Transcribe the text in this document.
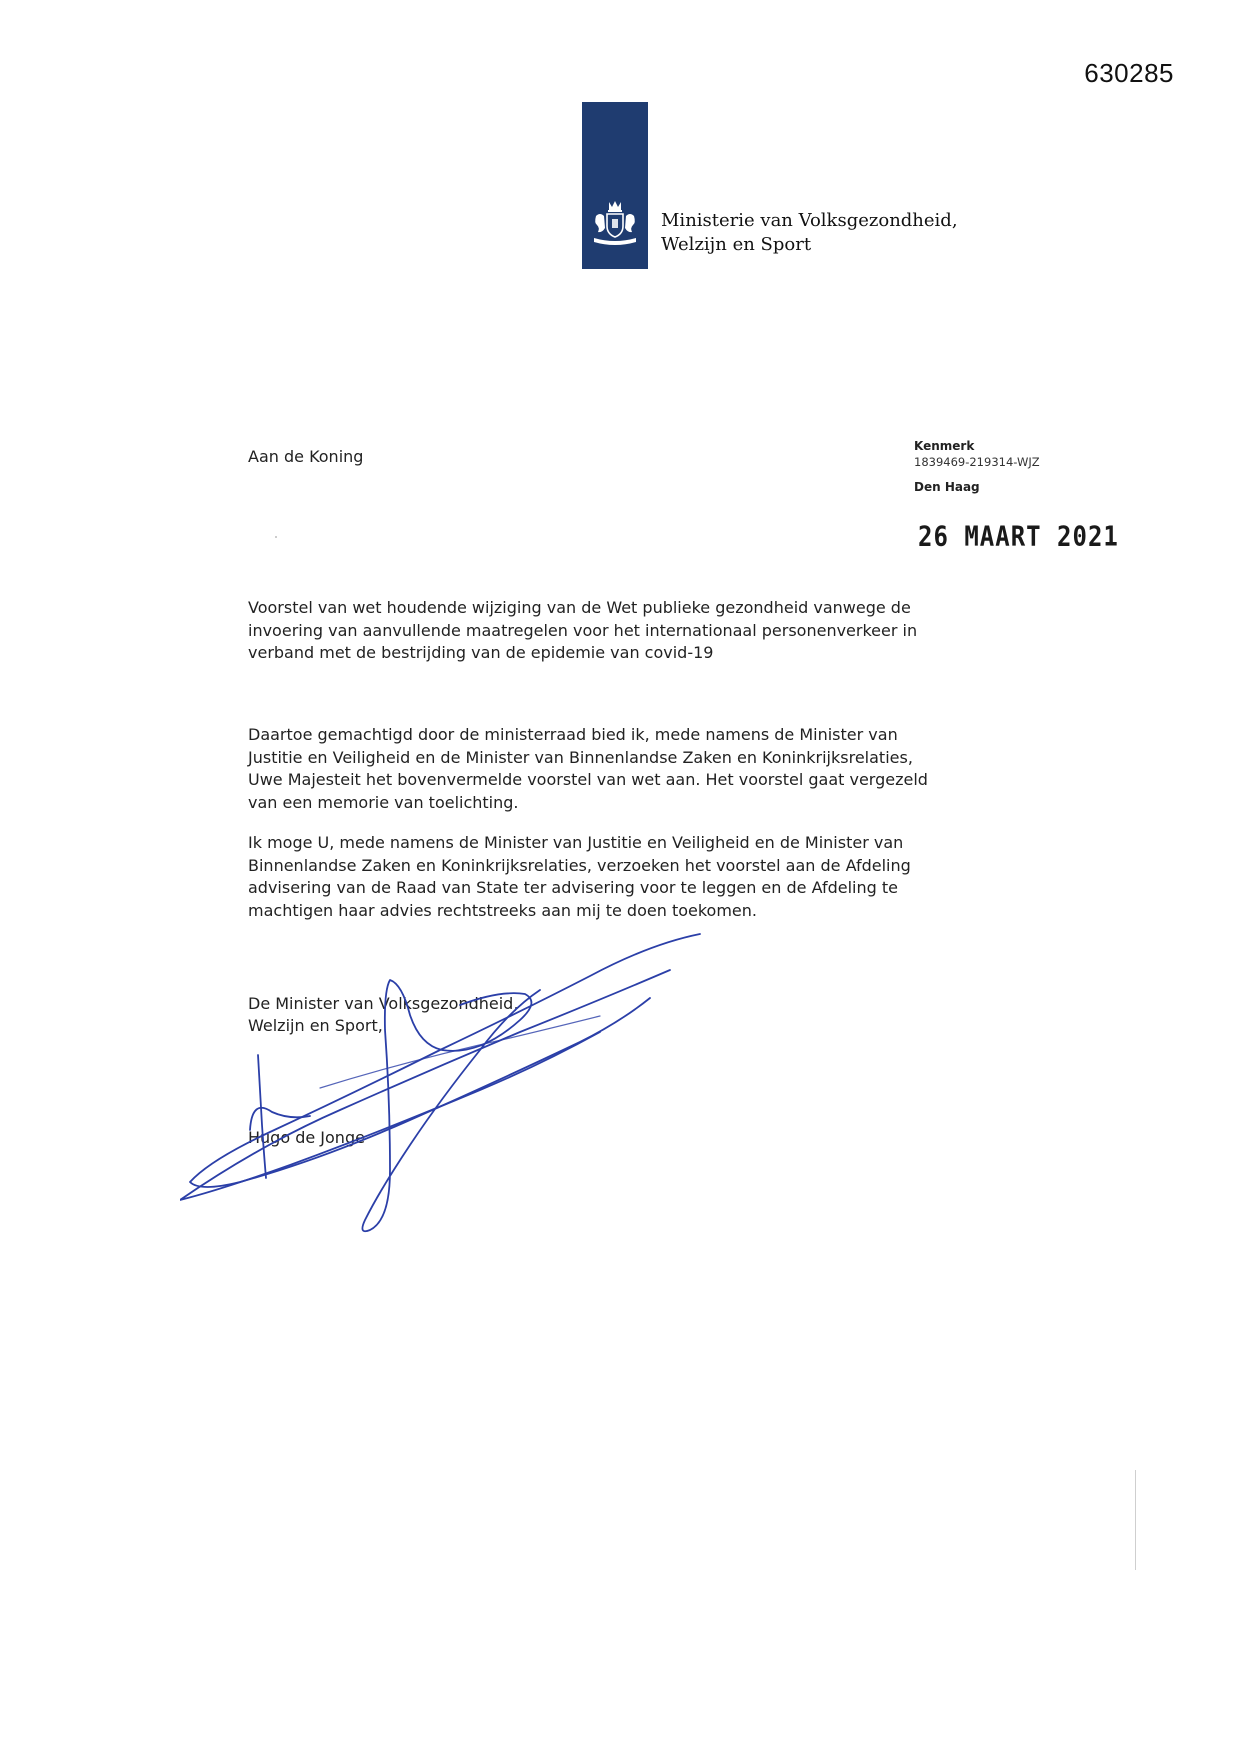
630285
Ministerie van Volksgezondheid,
Welzijn en Sport
Aan de Koning
Kenmerk
1839469-219314-WJZ
Den Haag
26 MAART 2021
Voorstel van wet houdende wijziging van de Wet publieke gezondheid vanwege de invoering van aanvullende maatregelen voor het internationaal personenverkeer in verband met de bestrijding van de epidemie van covid-19
Daartoe gemachtigd door de ministerraad bied ik, mede namens de Minister van Justitie en Veiligheid en de Minister van Binnenlandse Zaken en Koninkrijksrelaties, Uwe Majesteit het bovenvermelde voorstel van wet aan. Het voorstel gaat vergezeld van een memorie van toelichting.
Ik moge U, mede namens de Minister van Justitie en Veiligheid en de Minister van Binnenlandse Zaken en Koninkrijksrelaties, verzoeken het voorstel aan de Afdeling advisering van de Raad van State ter advisering voor te leggen en de Afdeling te machtigen haar advies rechtstreeks aan mij te doen toekomen.
De Minister van Volksgezondheid,
Welzijn en Sport,
Hugo de Jonge
